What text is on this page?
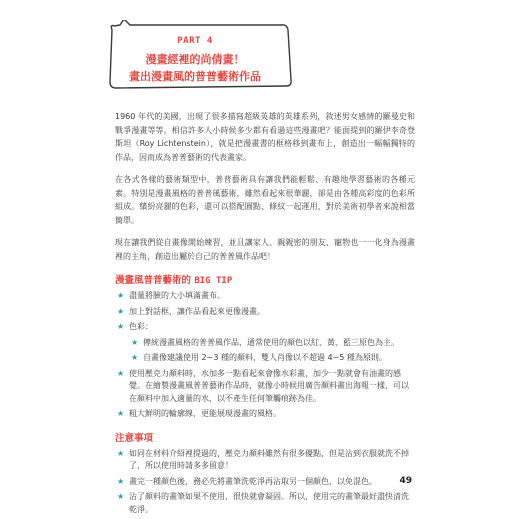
PART 4
漫畫經裡的尚倩畫！
畫出漫畫風的普普藝術作品

1960 年代的美國，出現了很多描寫超級英雄的英雄系列，敘述男女感情的羅曼史和戰爭漫畫等等。相信許多人小時候多少都有看過這些漫畫吧？能面提到的羅伊李奇登斯坦（Roy Lichtenstein），就是把漫畫書的框格移到畫布上，創造出一幅幅獨特的作品，因而成為普普藝術的代表畫家。

在各式各樣的藝術類型中，普普藝術具有讓我們能輕鬆、有趣地學習藝術的各種元素。特別是漫畫風格的普普風藝術，雖然看起來很華麗，卻是由各種高彩度的色彩所組成。繽紛亮麗的色彩，還可以搭配圓點、條紋一起運用，對於美術初學者來說相當簡單。

現在讓我們從自畫像開始練習，並且讓家人、親親密的朋友、寵物也一一化身為漫畫裡的主角，創造出屬於自己的普普風作品吧！

漫畫風普普藝術的 BIG TIP
★ 盡量將臉的大小填滿畫布。
★ 加上對話框，讓作品看起來更像漫畫。
★ 色彩：
★ 傳統漫畫風格的普普風作品，通常使用的顏色以紅、黃、藍三原色為主。
★ 自畫像建議使用 2~3 種的顏料，雙人肖像以不超過 4~5 種為原則。
★ 使用壓克力顏料時，水加多一點看起來會像水彩畫，加少一點就會有油畫的感覺。在繪製漫畫風普普藝術作品時，就像小時候用廣告顏料畫出海報一樣，可以在顏料中加入適量的水，以不產生任何筆觸痕跡為佳。
★ 粗大鮮明的輪廓線，更能展現漫畫的風格。
注意事項
★ 如同在材料介紹裡提過的，壓克力顏料雖然有很多優點，但是沾到衣服就洗不掉了，所以使用時請多多留意！
★ 畫完一種顏色後，務必先將畫筆洗乾淨再沾取另一個顏色，以免混色。
★ 沾了顏料的畫筆如果不使用，很快就會凝固。所以，使用完的畫筆最好盡快清洗乾淨。
49
